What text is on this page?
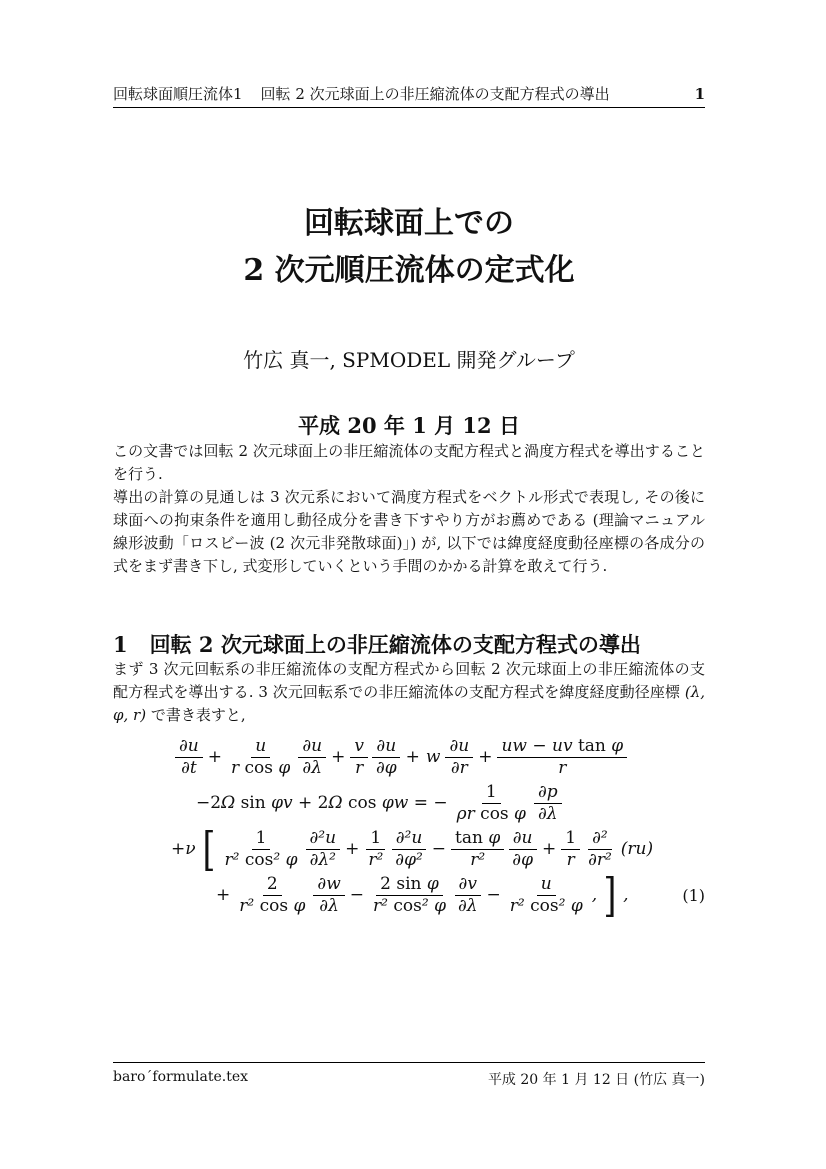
回転球面順圧流体1 回転 2 次元球面上の非圧縮流体の支配方程式の導出	1
回転球面上での
2 次元順圧流体の定式化
竹広 真一, SPMODEL 開発グループ
平成 20 年 1 月 12 日

この文書では回転 2 次元球面上の非圧縮流体の支配方程式と渦度方程式を導出することを行う.

導出の計算の見通しは 3 次元系において渦度方程式をベクトル形式で表現し, その後に球面への拘束条件を適用し動径成分を書き下すやり方がお薦めである (理論マニュアル線形波動「ロスビー波 (2 次元非発散球面)」) が, 以下では緯度経度動径座標の各成分の式をまず書き下し, 式変形していくという手間のかかる計算を敢えて行う.

1 回転 2 次元球面上の非圧縮流体の支配方程式の導出

まず 3 次元回転系の非圧縮流体の支配方程式から回転 2 次元球面上の非圧縮流体の支配方程式を導出する. 3 次元回転系での非圧縮流体の支配方程式を緯度経度動径座標 (λ, φ, r) で書き表すと,

$\frac{\partial u}{\partial t} + \frac{u}{\text{r cos φ}} \frac{\partial u}{\partial\lambda} + \frac{v}{r} \frac{\partial u}{\partial\varphi} + w \frac{\partial u}{\partial r} + \frac{\text{uw − uv tan φ}}{r}$
−2Ω sin φv + 2Ω cos φw = − $\frac{1}{\text{ρr cos φ}} \frac{\partial p}{\partial\lambda}$
+ν [ $\frac{1}{\text{r² cos² φ}} \frac{\text{∂²u}}{\text{∂λ²}} + \frac{1}{\text{r²}} \frac{\text{∂²u}}{\text{∂φ²}} - \frac{\text{tan φ}}{\text{r²}} \frac{\partial u}{\partial\varphi} + \frac{1}{r} \frac{\text{∂²}}{\text{∂r²}} (ru)$
+ $\frac{2}{\text{r² cos φ}} \frac{\partial w}{\partial\lambda} - \frac{\text{2 sin φ}}{\text{r² cos² φ}} \frac{\partial v}{\partial\lambda} - \frac{u}{\text{r² cos² φ}}$ , ] ,	(1)
baro´formulate.tex	平成 20 年 1 月 12 日 (竹広 真一)
